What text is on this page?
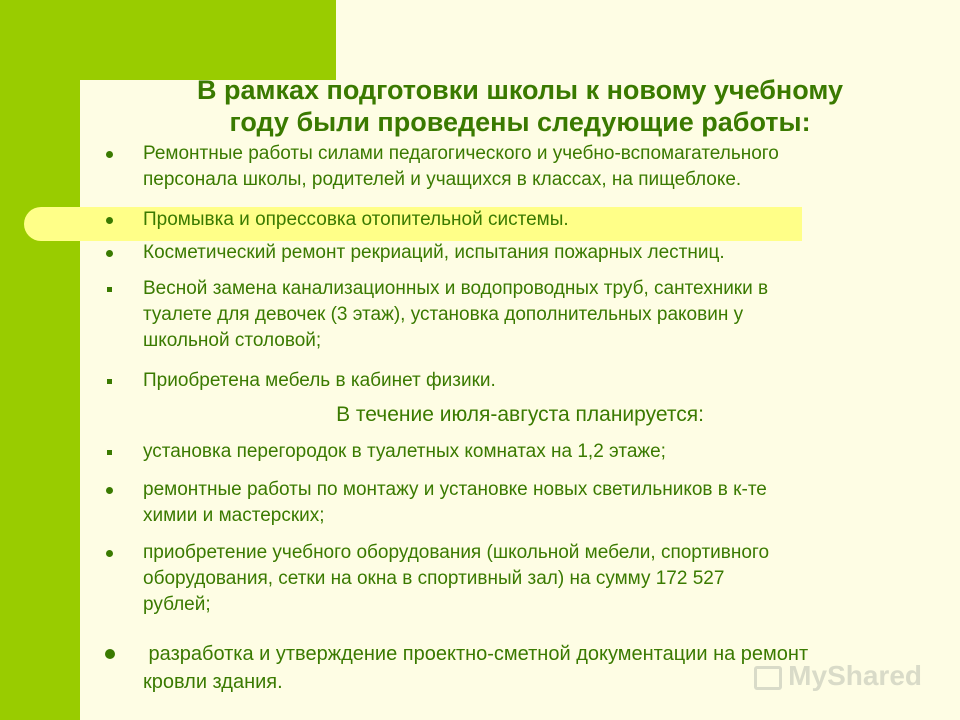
В рамках подготовки школы к новому учебному
году были проведены следующие работы:
Ремонтные работы силами педагогического и учебно-вспомагательного
персонала школы, родителей и учащихся в классах, на пищеблоке.
Промывка и опрессовка отопительной системы.
Косметический ремонт рекриаций, испытания пожарных лестниц.
Весной замена канализационных и водопроводных труб, сантехники в
туалете для девочек (3 этаж), установка дополнительных раковин у
школьной столовой;
Приобретена мебель в кабинет физики.
В течение июля-августа планируется:
установка перегородок в туалетных комнатах на 1,2 этаже;
ремонтные работы по монтажу и установке новых светильников в к-те
химии и мастерских;
приобретение учебного оборудования (школьной мебели, спортивного
оборудования, сетки на окна в спортивный зал) на сумму 172 527
рублей;
разработка и утверждение проектно-сметной документации на ремонт
кровли здания.	MyShared
